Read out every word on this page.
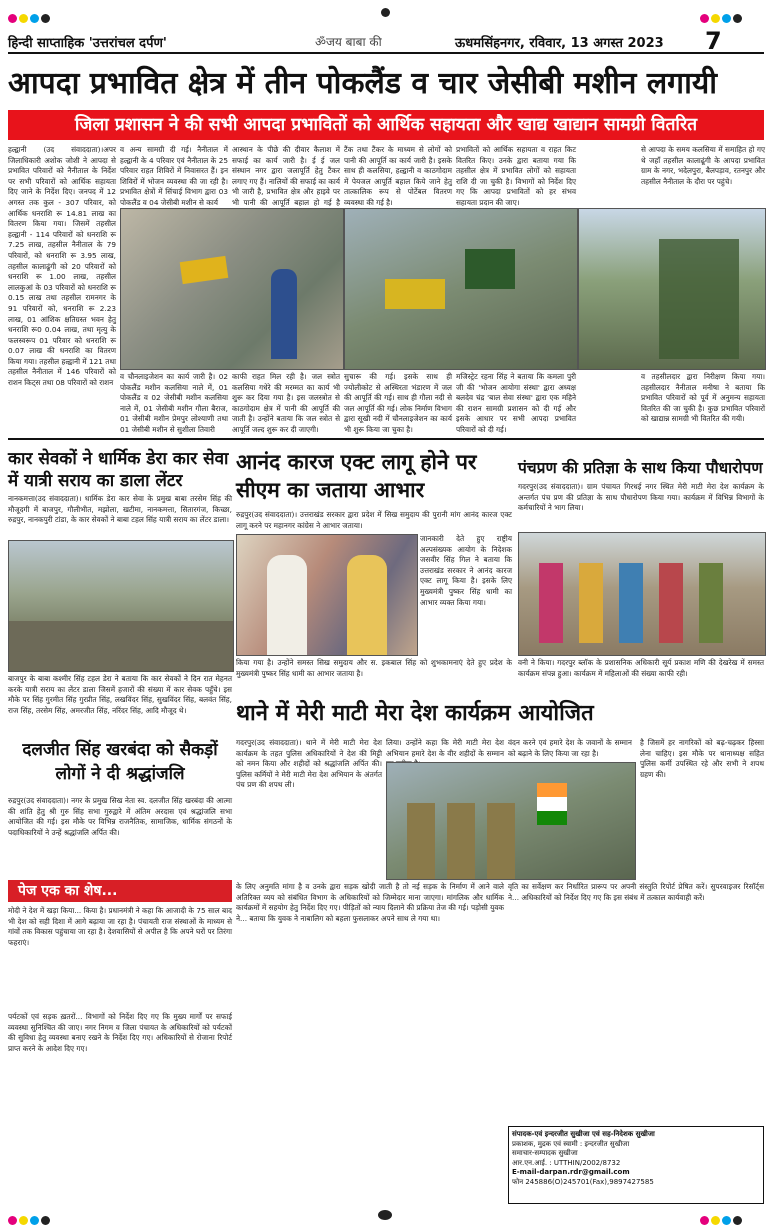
हिन्दी साप्ताहिक 'उत्तरांचल दर्पण'	ॐजय बाबा की	ऊधमसिंहनगर, रविवार, 13 अगस्त 2023 7
आपदा प्रभावित क्षेत्र में तीन पोकलैंड व चार जेसीबी मशीन लगायी
जिला प्रशासन ने की सभी आपदा प्रभावितों को आर्थिक सहायता और खाद्य खाद्यान सामग्री वितरित
हल्द्वानी (उद संवाददाता)।अपर जिलाधिकारी अशोक जोशी ने आपदा से प्रभावित परिवारों को नैनीताल के निर्देश पर सभी परिवारों को आर्थिक सहायता दिए जाने के निर्देश दिए। जनपद में 12 अगस्त तक कुल - 307 परिवार, को आर्थिक धनराशि रू 14.81 लाख का वितरण किया गया। जिसमें तहसील हल्द्वानी - 114 परिवारों को धनराशि रू 7.25 लाख, तहसील नैनीताल के 79 परिवारों, को धनराशि रू 3.95 लाख, तहसील कालाढूंगी को 20 परिवारों को धनराशि रू 1.00 लाख, तहसील लालकुआं के 03 परिवारों को धनराशि रू 0.15 लाख तथा तहसील रामनगर के 91 परिवारों को, धनराशि रू 2.23 लाख, 01 आंशिक क्षतिग्रस्त भवन हेतु धनराशि रू0 0.04 लाख, तथा मृत्यु के फलस्वरूप 01 परिवार को धनराशि रू 0.07 लाख की धनराशि का वितरण किया गया। तहसील हल्द्वानी में 121 तथा तहसील नैनीताल में 146 परिवारों को राशन किट्स तथा 08 परिवारों को राशन
व अन्य सामग्री दी गई। नैनीताल में हल्द्वानी के 4 परिवार एवं नैनीताल के 25 परिवार राहत शिविरों में निवासरत हैं। इन शिविरों में भोजन व्यवस्था की जा रही है। प्रभावित क्षेत्रों में सिंचाई विभाग द्वारा 03 पोकलैंड व 04 जेसीबी मशीन से कार्य
आस्थान के पीछे की दीवार कैलाश में सफाई का कार्य जारी है। ई ई जल संस्थान नगर द्वारा जलापूर्ति हेतु टैंकर लगाए गए हैं। नालियों की सफाई का कार्य भी जारी है, प्रभावित क्षेत्र और हाइवे पर भी पानी की आपूर्ति बहाल हो गई है
टैंक तथा टैंकर के माध्यम से लोगों को पानी की आपूर्ति का कार्य जारी है। इसके साथ ही कलसिया, हल्द्वानी व काठगोदाम में पेयजल आपूर्ति बहाल किये जाने हेतु तात्कालिक रूप से पोर्टेबल वितरण व्यवस्था की गई है।
प्रभावितों को आर्थिक सहायता व राहत किट वितरित किए। उनके द्वारा बताया गया कि तहसील क्षेत्र में प्रभावित लोगों को सहायता राशि दी जा चुकी है। विभागों को निर्देश दिए गए कि आपदा प्रभावितों को हर संभव सहायता प्रदान की जाए।
से आपदा के समय कलसिया में समाहित हो गए थे जहाँ तहसील कालाढूंगी के आपदा प्रभावित ग्राम के नगर, भदेलपुरा, बैलपड़ाव, रतनपुर और तहसील नैनीताल के दौरा पर पहुंचे।
व चौनलाइजेशन का कार्य जारी है। 02 पोकलैंड मशीन कलसिया नाले में, 01 पोकलैंड व 02 जेसीबी मशीन कलसिया नाले में, 01 जेसीबी मशीन गौला बैराज, 01 जेसीबी मशीन प्रेमपुर लोश्याणी तथा 01 जेसीबी मशीन से सुशीला तिवारी
काफी राहत मिल रही है। जल स्त्रोत कलसिया गधेरे की मरम्मत का कार्य भी शुरू कर दिया गया है। इस जलस्त्रोत से काठगोदाम क्षेत्र में पानी की आपूर्ति की जाती है। उन्होंने बताया कि जल स्त्रोत से आपूर्ति जल्द शुरू कर दी जाएगी।
सुचारू की गई। इसके साथ ही ज्योलीकोट से अस्थिरता भंडारण में जल की आपूर्ति की गई। साथ ही गौला नदी से जल आपूर्ति की गई। लोक निर्माण विभाग द्वारा सूखी नदी में चौनलाइजेशन का कार्य भी शुरू किया जा चुका है।
मजिस्ट्रेट रहना सिंह ने बताया कि कमला पुरी जी की 'भोजन आयोगा संस्था' द्वारा अध्यक्ष बलदेव चंद्र 'बाल सेवा संस्था' द्वारा एक महिने की राशन सामग्री प्रशासन को दी गई और इसके आधार पर सभी आपदा प्रभावित परिवारों को दी गई।
व तहसीलदार द्वारा निरीक्षण किया गया। तहसीलदार नैनीताल मनीषा ने बताया कि प्रभावित परिवारों को पूर्व में अनुमन्य सहायता वितरित की जा चुकी है। कुछ प्रभावित परिवारों को खाद्यान्न सामग्री भी वितरित की गयी।
कार सेवकों ने धार्मिक डेरा कार सेवा में यात्री सराय का डाला लेंटर
नानकमत्ता(उद संवाददाता)। धार्मिक डेरा कार सेवा के प्रमुख बाबा तरसेम सिंह की मौजूदगी में बाजपुर, गौलीभीत, मझोला, खटीमा, नानकमत्ता, सितारगंज, किच्छा, रुद्रपुर, नानकपुरी टांडा, के कार सेवकों ने बाबा टहल सिंह यात्री सराय का लेंटर डाला।
बाजपुर के बाबा कश्मीर सिंह टहल डेरा ने बताया कि कार सेवकों ने दिन रात मेहनत करके यात्री सराय का लेंटर डाला जिसमें हजारों की संख्या में कार सेवक पहुँचे। इस मौके पर सिंह गुरमीत सिंह गुरप्रीत सिंह, लखविंदर सिंह, सुखविंदर सिंह, बलवंत सिंह, राज सिंह, तरसेम सिंह, अमरजीत सिंह, नरिंदर सिंह, आदि मौजूद थे।
आनंद कारज एक्ट लागू होने पर सीएम का जताया आभार
रुद्रपुर(उद संवाददाता)। उत्तराखंड सरकार द्वारा प्रदेश में सिख समुदाय की पुरानी मांग आनंद कारज एक्ट लागू करने पर महानगर कांग्रेस ने आभार जताया।
जानकारी देते हुए राष्ट्रीय अल्पसंख्यक आयोग के निदेशक जसवीर सिंह गिल ने बताया कि उत्तराखंड सरकार ने आनंद कारज एक्ट लागू किया है। इसके लिए मुख्यमंत्री पुष्कर सिंह धामी का आभार व्यक्त किया गया।
किया गया है। उन्होंने समस्त सिख समुदाय और स. इकबाल सिंह को शुभकामनाएं देते हुए प्रदेश के मुख्यमंत्री पुष्कर सिंह धामी का आभार जताया है।
पंचप्रण की प्रतिज्ञा के साथ किया पौधारोपण
गदरपुर(उद संवाददाता)। ग्राम पंचायत गिरधई नगर स्थित मेरी माटी मेरा देश कार्यक्रम के अन्तर्गत पंच प्रण की प्रतिज्ञा के साथ पौधारोपण किया गया। कार्यक्रम में विभिन्न विभागों के कर्मचारियों ने भाग लिया।
वनी ने किया। गदरपुर ब्लॉक के प्रशासनिक अधिकारी सूर्य प्रकाश मणि की देखरेख में समस्त कार्यक्रम संपन्न हुआ। कार्यक्रम में महिलाओं की संख्या काफी रही।
दलजीत सिंह खरबंदा को सैकड़ों लोगों ने दी श्रद्धांजलि
रुद्रपुर(उद संवाददाता)। नगर के प्रमुख सिख नेता स्व. दलजीत सिंह खरबंदा की आत्मा की शांति हेतु श्री गुरु सिंह सभा गुरुद्वारे में अंतिम अरदास एवं श्रद्धांजलि सभा आयोजित की गई। इस मौके पर विभिन्न राजनैतिक, सामाजिक, धार्मिक संगठनों के पदाधिकारियों ने उन्हें श्रद्धांजलि अर्पित की।
थाने में मेरी माटी मेरा देश कार्यक्रम आयोजित
गदरपुर(उद संवाददाता)। थाने में मेरी माटी मेरा देश कार्यक्रम के तहत पुलिस अधिकारियों ने देश की मिट्टी को नमन किया और शहीदों को श्रद्धांजलि अर्पित की। पुलिस कर्मियों ने मेरी माटी मेरा देश अभियान के अंतर्गत पंच प्रण की शपथ ली।
लिया। उन्होंने कहा कि मेरी माटी मेरा देश अभियान हमारे देश के वीर शहीदों के सम्मान
वंदन करने एवं हमारे देश के जवानों के सम्मान को बढ़ाने के लिए किया जा रहा है।
है जिसमें हर नागरिकों को बढ़-चढ़कर हिस्सा लेना चाहिए। इस मौके पर थानाध्यक्ष सहित पुलिस कर्मी उपस्थित रहे और सभी ने शपथ ग्रहण की।
पेज एक का शेष...
मोदी ने देश में खड़ा किया... किया है। प्रधानमंत्री ने कहा कि आजादी के 75 साल बाद भी देश को सही दिशा में आगे बढ़ाया जा रहा है। पंचायती राज संस्थाओं के माध्यम से गांवों तक विकास पहुंचाया जा रहा है। देशवासियों से अपील है कि अपने घरों पर तिरंगा फहराएं।
पर्यटकों एवं सड़क ख़तरों... विभागों को निर्देश दिए गए कि मुख्य मार्गों पर सफाई व्यवस्था सुनिश्चित की जाए। नगर निगम व जिला पंचायत के अधिकारियों को पर्यटकों की सुविधा हेतु व्यवस्था बनाए रखने के निर्देश दिए गए। अधिकारियों से रोजाना रिपोर्ट प्राप्त करने के आदेश दिए गए।
के लिए अनुमति मांगा है व उनके द्वारा सड़क खोदी जाती है तो नई सड़क के निर्माण में आने वाले अतिरिक्त व्यय को संबंधित विभाग के अधिकारियों को जिम्मेदार माना जाएगा। मांगलिक और धार्मिक कार्यक्रमों में सहयोग हेतु निर्देश दिए गए। पीड़ितों को न्याय दिलाने की प्रक्रिया तेज की गई। पड़ोसी युवक ने... बताया कि युवक ने नाबालिग को बहला फुसलाकर अपने साथ ले गया था।
वृति का सर्वेक्षण कर निर्धारित प्रारूप पर अपनी संस्तुति रिपोर्ट प्रेषित करें। सुपरवाइजर रिसॉर्ट्स ने... अधिकारियों को निर्देश दिए गए कि इस संबंध में तत्काल कार्यवाही करें।
संपादक-एवं इन्दरजीत सुखीजा एवं सह-निदेशक सुखीजा
प्रकाशक, मुद्रक एवं स्वामी : इन्दरजीत सुखीजा
समाचार-सम्पादक सुखीजा
आर.एन.आई. : UTTHIN/2002/8732
E-mail-darpan.rdr@gmail.com
फोन 245886(O)245701(Fax),9897427585
